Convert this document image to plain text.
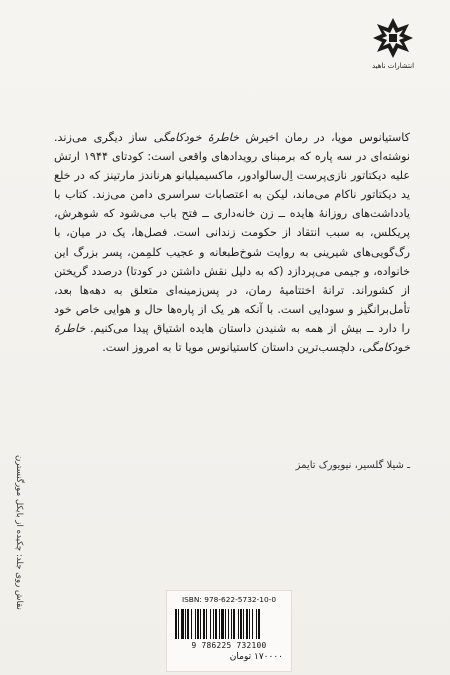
انتشارات ناهید

کاستیانوس مویا، در رمان اخیرش خاطرهٔ خودکامگی ساز دیگری می‌زند. نوشته‌ای در سه پاره که برمبنای رویدادهای واقعی است: کودتای ۱۹۴۴ ارتش علیه دیکتاتور نازی‌پرست اِل‌سالوادور، ماکسیمیلیانو هرناندز مارتینز که در خلع ید دیکتاتور ناکام می‌ماند، لیکن به اعتصابات سراسری دامن می‌زند. کتاب با یادداشت‌های روزانهٔ هایده ــ زن خانه‌داری ــ فتح باب می‌شود که شوهرش، پریکلس، به سبب انتقاد از حکومت زندانی است. فصل‌ها، یک در میان، با رگ‌گویی‌های شیرینی به روایت شوخ‌طبعانه و عجیب کلمِمن، پسر بزرگ این خانواده، و جیمی می‌پردازد (که به دلیل نقش داشتن در کودتا) درصدد گریختن از کشوراند. ترانهٔ اختتامیهٔ رمان، در پس‌زمینه‌ای متعلق به دهه‌ها بعد، تأمل‌برانگیز و سودایی است. با آنکه هر یک از پاره‌ها حال و هوایی خاص خود را دارد ــ بیش از همه به شنیدن داستان هایده اشتیاق پیدا می‌کنیم. خاطرهٔ خودکامگی، دلچسب‌ترین داستان کاستیانوس مویا تا به امروز است.

ـ شیلا گلسیر، نیویورک تایمز
نقاش روی جلد: چکیده از بایکل مورگنسترن	ISBN: 978-622-5732-10-0
9 786225 732100
۱۷۰۰۰۰ تومان
